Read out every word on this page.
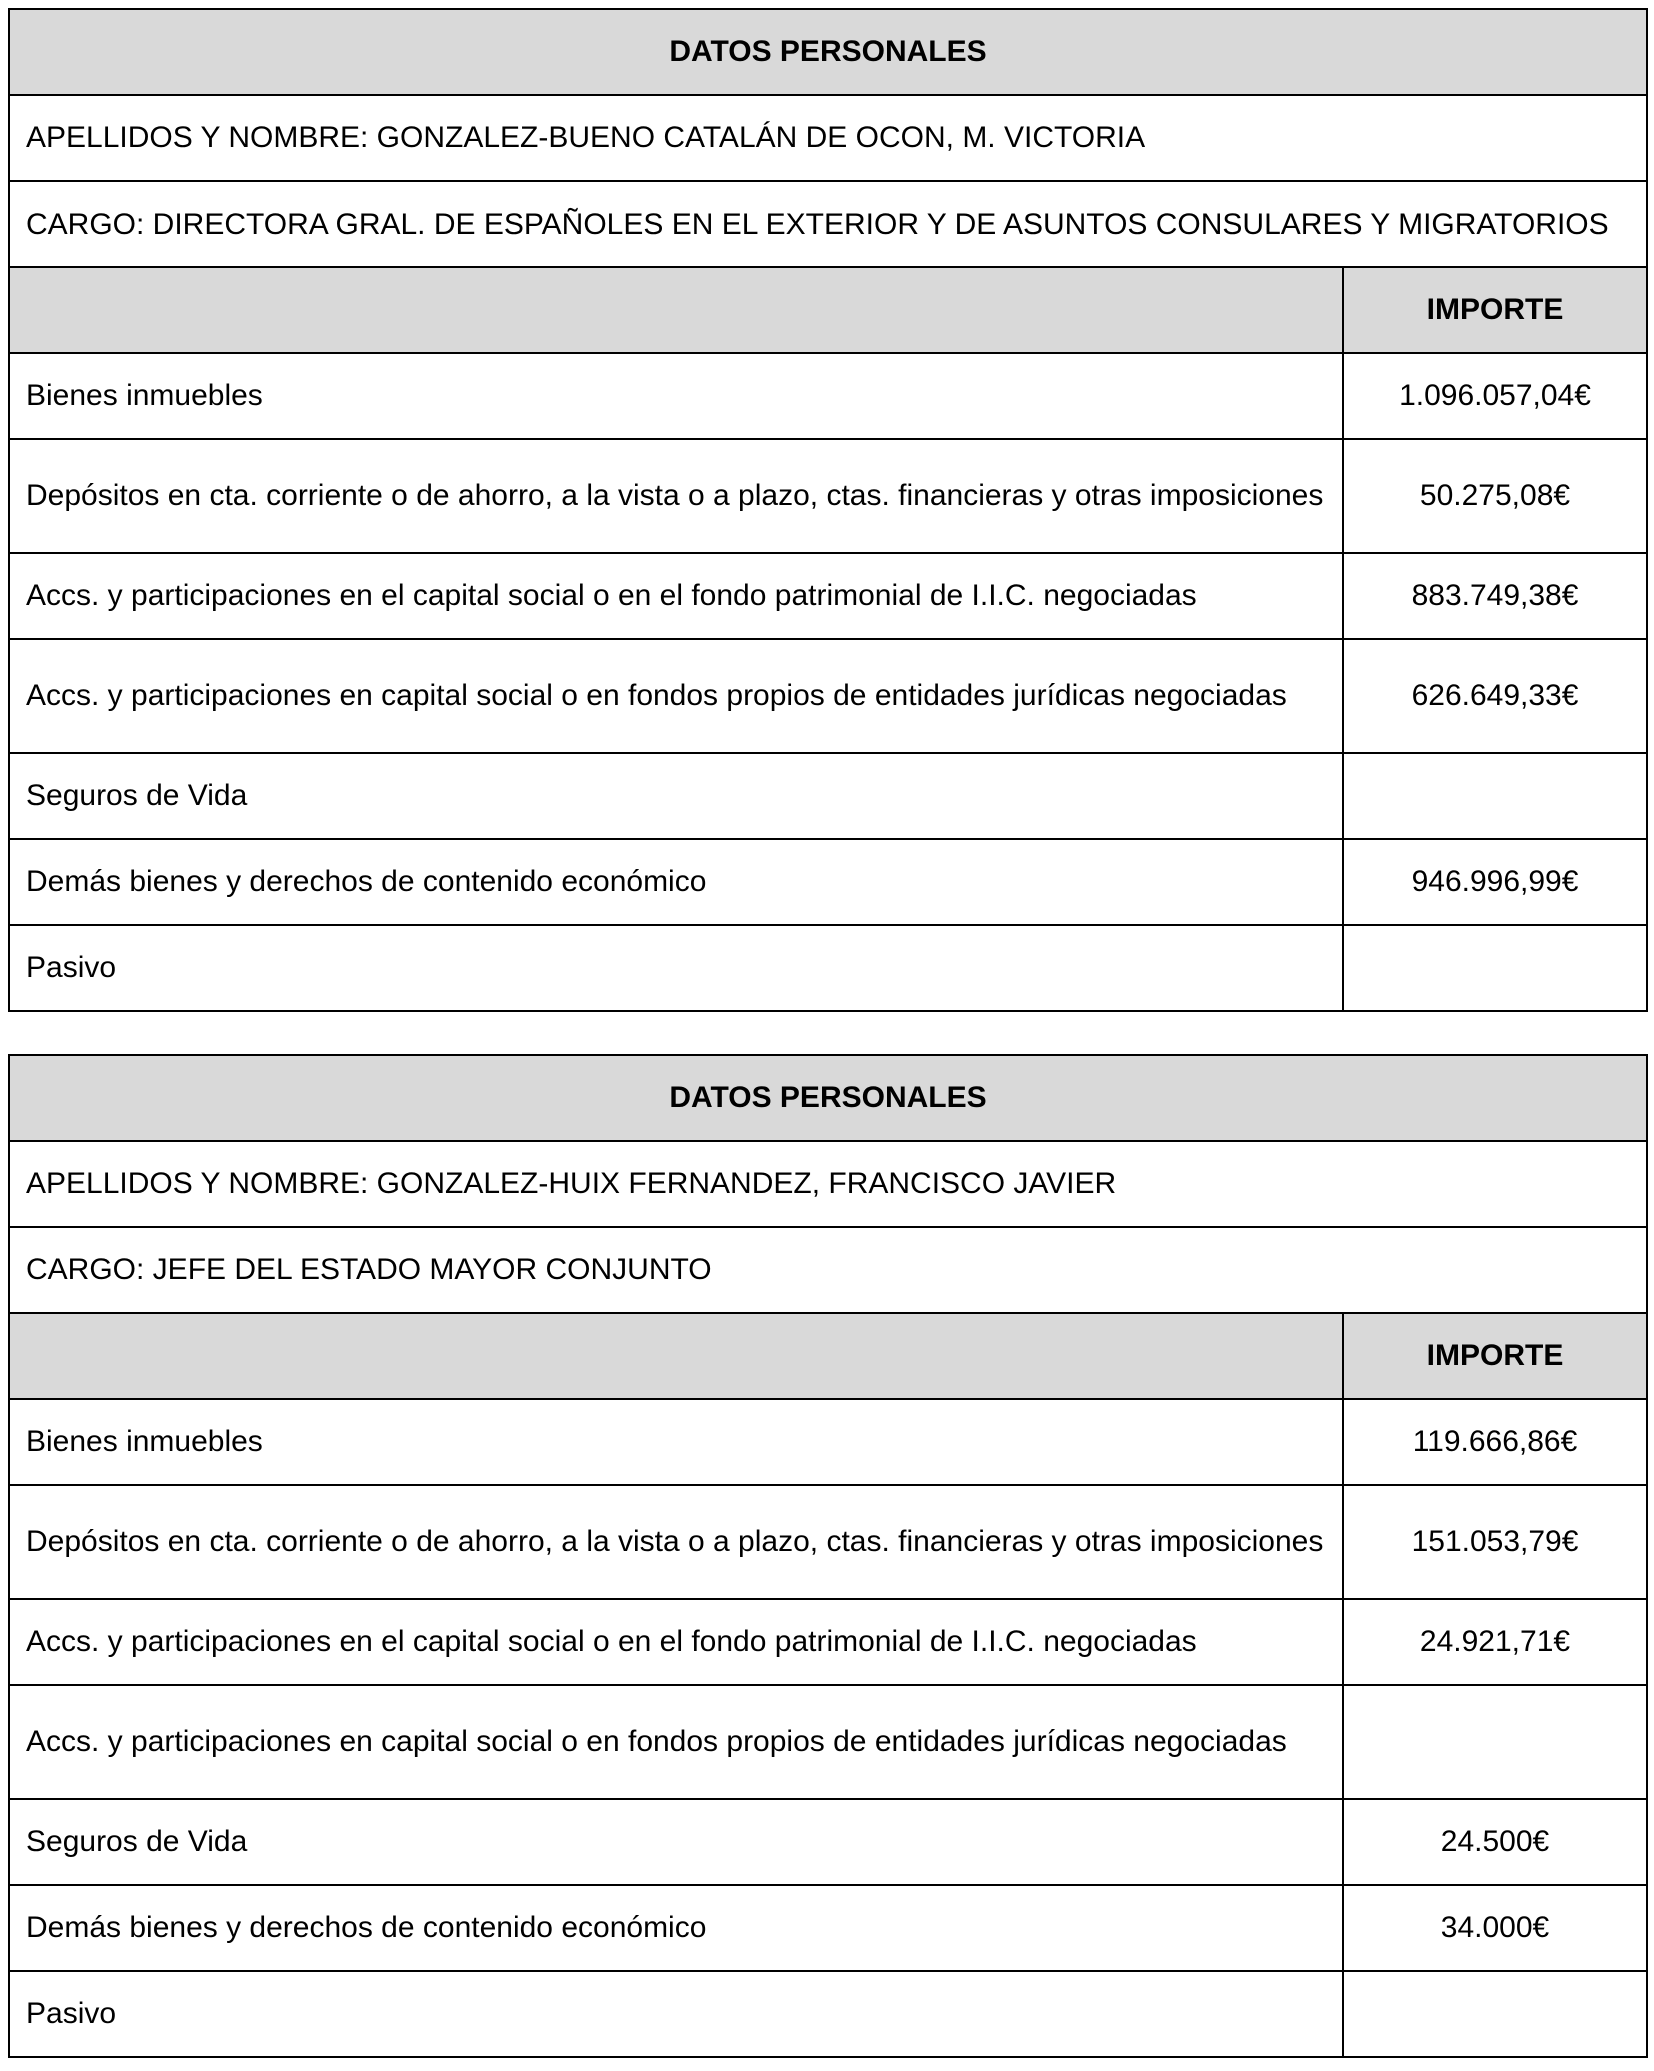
DATOS PERSONALES	
APELLIDOS Y NOMBRE: GONZALEZ-BUENO CATALÁN DE OCON, M. VICTORIA	
CARGO: DIRECTORA GRAL. DE ESPAÑOLES EN EL EXTERIOR Y DE ASUNTOS CONSULARES Y MIGRATORIOS	
	IMPORTE
Bienes inmuebles	1.096.057,04€
Depósitos en cta. corriente o de ahorro, a la vista o a plazo, ctas. financieras y otras imposiciones	50.275,08€
Accs. y participaciones en el capital social o en el fondo patrimonial de I.I.C. negociadas	883.749,38€
Accs. y participaciones en capital social o en fondos propios de entidades jurídicas negociadas	626.649,33€
Seguros de Vida	
Demás bienes y derechos de contenido económico	946.996,99€
Pasivo	
DATOS PERSONALES	
APELLIDOS Y NOMBRE: GONZALEZ-HUIX FERNANDEZ, FRANCISCO JAVIER	
CARGO: JEFE DEL ESTADO MAYOR CONJUNTO	
	IMPORTE
Bienes inmuebles	119.666,86€
Depósitos en cta. corriente o de ahorro, a la vista o a plazo, ctas. financieras y otras imposiciones	151.053,79€
Accs. y participaciones en el capital social o en el fondo patrimonial de I.I.C. negociadas	24.921,71€
Accs. y participaciones en capital social o en fondos propios de entidades jurídicas negociadas	
Seguros de Vida	24.500€
Demás bienes y derechos de contenido económico	34.000€
Pasivo	
